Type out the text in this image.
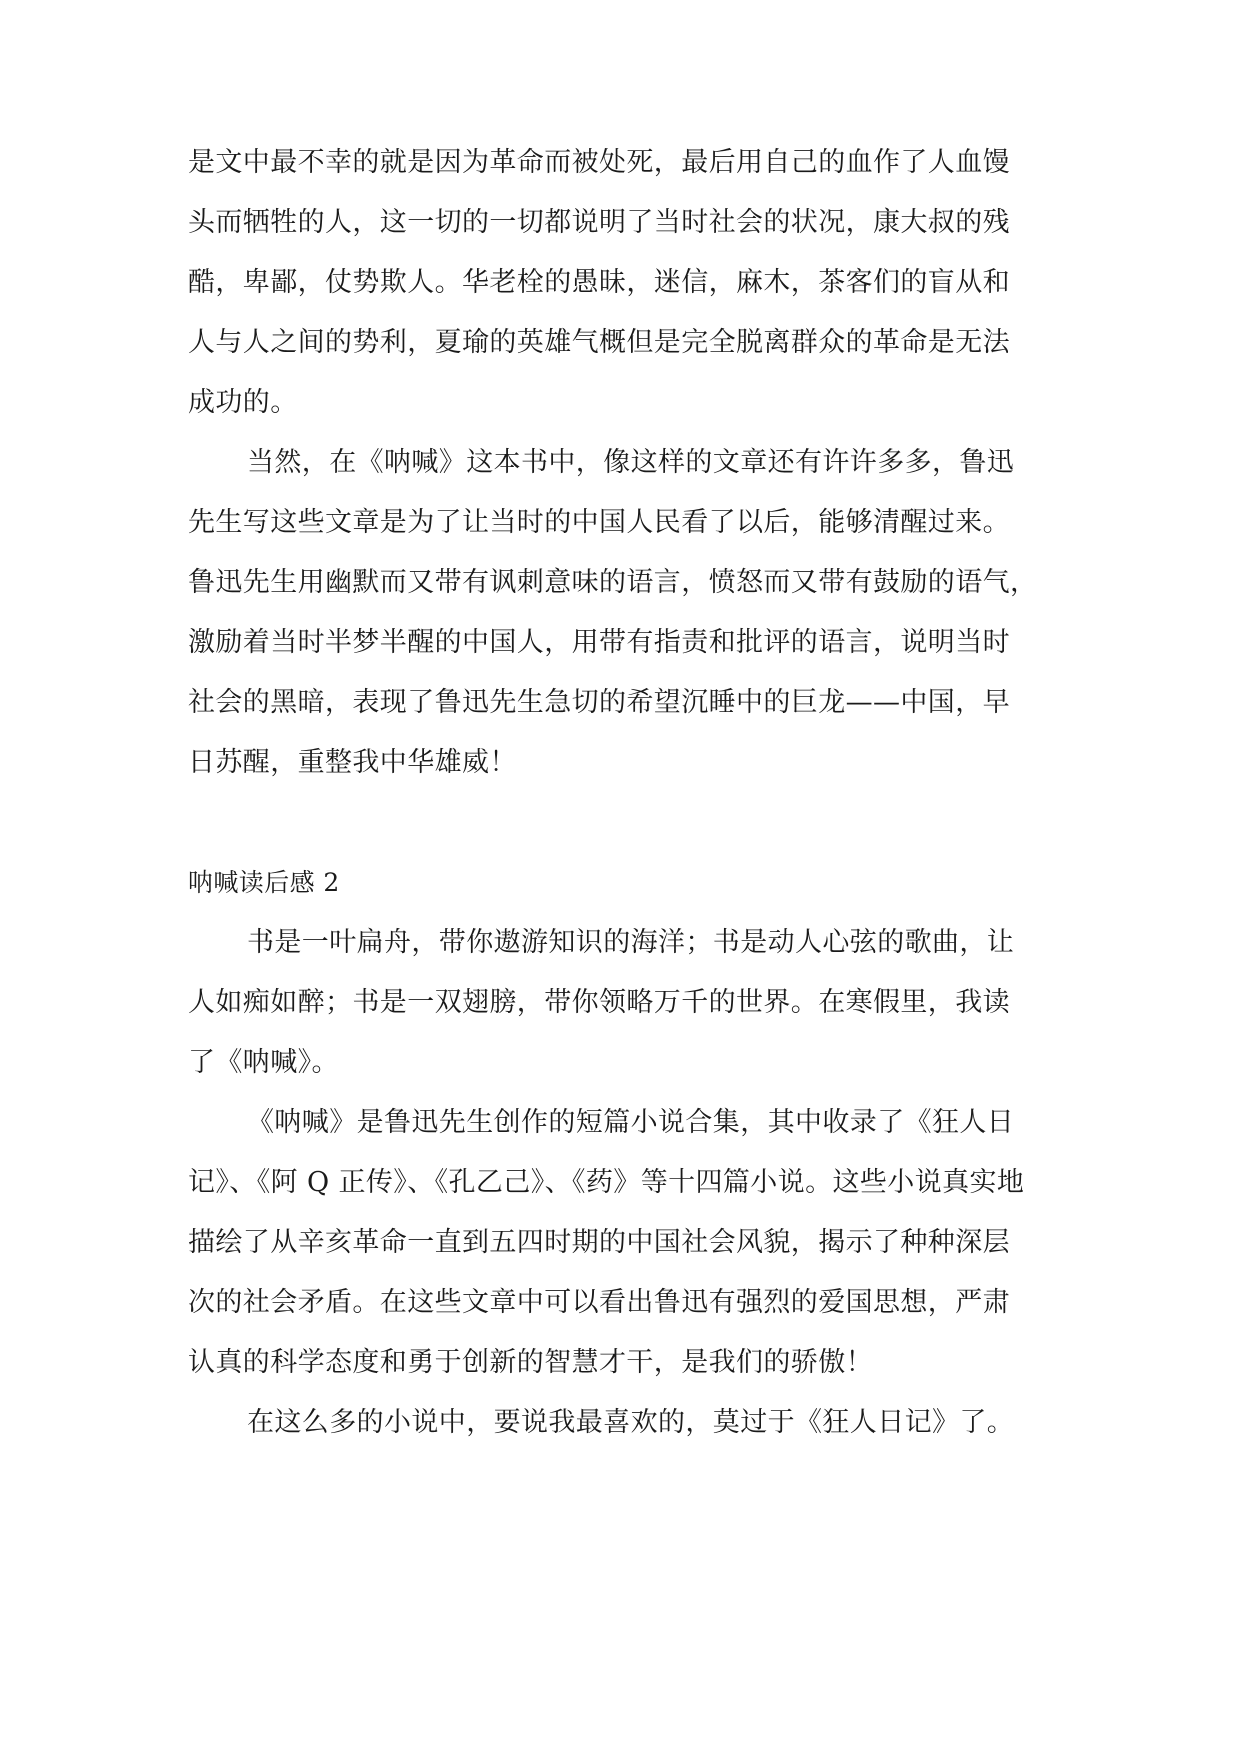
是文中最不幸的就是因为革命而被处死，最后用自己的血作了人血馒
头而牺牲的人，这一切的一切都说明了当时社会的状况，康大叔的残
酷，卑鄙，仗势欺人。华老栓的愚昧，迷信，麻木，茶客们的盲从和
人与人之间的势利，夏瑜的英雄气概但是完全脱离群众的革命是无法
成功的。
当然，在《呐喊》这本书中，像这样的文章还有许许多多，鲁迅
先生写这些文章是为了让当时的中国人民看了以后，能够清醒过来。
鲁迅先生用幽默而又带有讽刺意味的语言，愤怒而又带有鼓励的语气，
激励着当时半梦半醒的中国人，用带有指责和批评的语言，说明当时
社会的黑暗，表现了鲁迅先生急切的希望沉睡中的巨龙——中国，早
日苏醒，重整我中华雄威！
呐喊读后感 2
书是一叶扁舟，带你遨游知识的海洋；书是动人心弦的歌曲，让
人如痴如醉；书是一双翅膀，带你领略万千的世界。在寒假里，我读
了《呐喊》。
《呐喊》是鲁迅先生创作的短篇小说合集，其中收录了《狂人日
记》、《阿 Q 正传》、《孔乙己》、《药》等十四篇小说。这些小说真实地
描绘了从辛亥革命一直到五四时期的中国社会风貌，揭示了种种深层
次的社会矛盾。在这些文章中可以看出鲁迅有强烈的爱国思想，严肃
认真的科学态度和勇于创新的智慧才干，是我们的骄傲！
在这么多的小说中，要说我最喜欢的，莫过于《狂人日记》了。
